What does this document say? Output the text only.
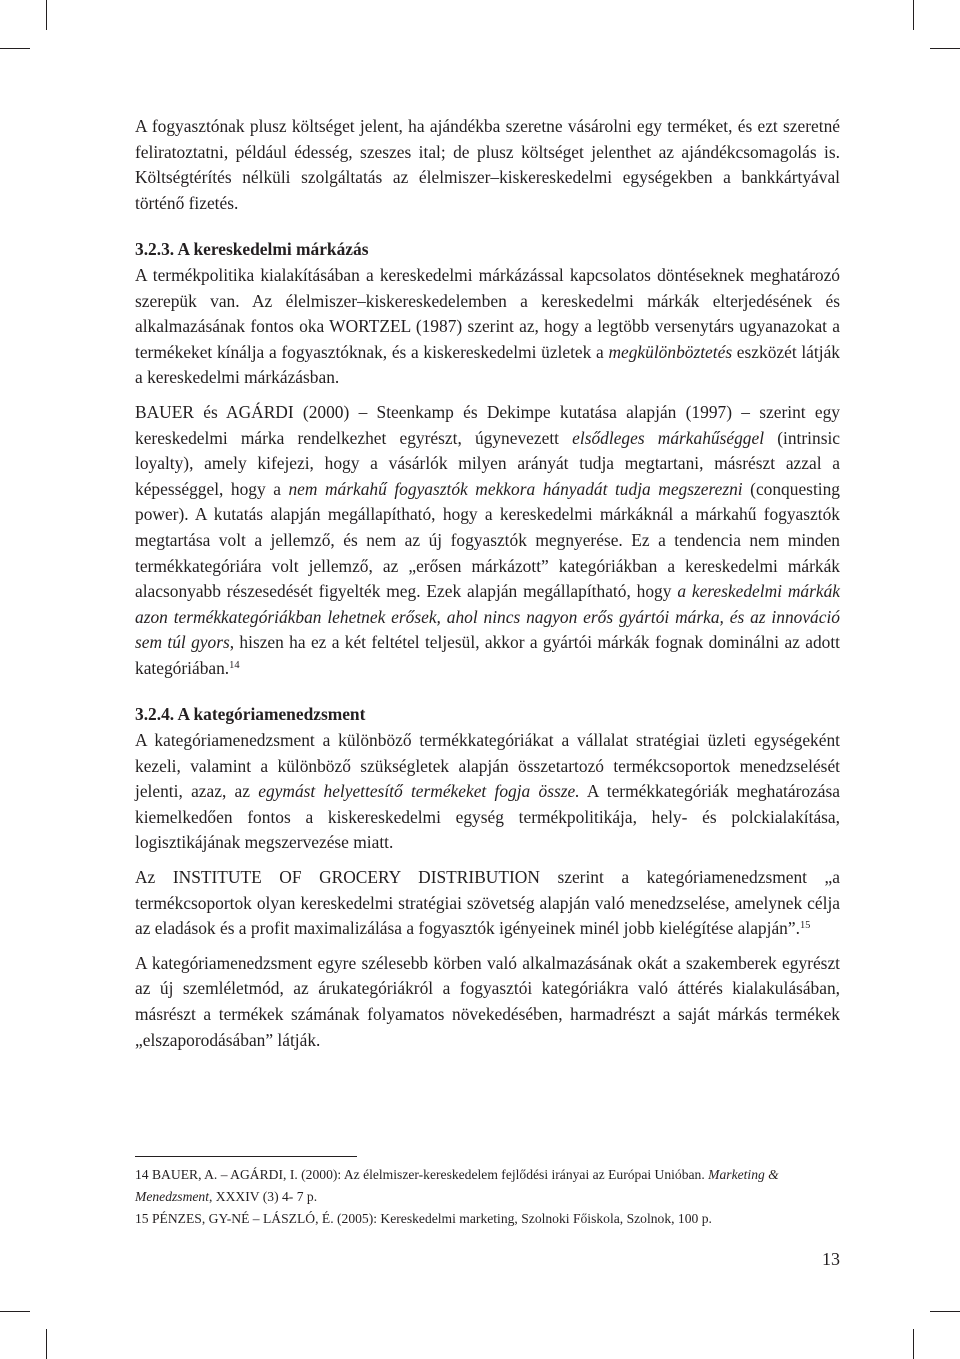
A fogyasztónak plusz költséget jelent, ha ajándékba szeretne vásárolni egy terméket, és ezt szeretné feliratoztatni, például édesség, szeszes ital; de plusz költséget jelenthet az ajándékcsomagolás is. Költségtérítés nélküli szolgáltatás az élelmiszer–kiskereskedelmi egységekben a bankkártyával történő fizetés.

3.2.3. A kereskedelmi márkázás
A termékpolitika kialakításában a kereskedelmi márkázással kapcsolatos döntéseknek meghatározó szerepük van. Az élelmiszer–kiskereskedelemben a kereskedelmi márkák elterjedésének és alkalmazásának fontos oka WORTZEL (1987) szerint az, hogy a legtöbb versenytárs ugyanazokat a termékeket kínálja a fogyasztóknak, és a kiskereskedelmi üzletek a megkülönböztetés eszközét látják a kereskedelmi márkázásban.

BAUER és AGÁRDI (2000) – Steenkamp és Dekimpe kutatása alapján (1997) – szerint egy kereskedelmi márka rendelkezhet egyrészt, úgynevezett elsődleges márkahűséggel (intrinsic loyalty), amely kifejezi, hogy a vásárlók milyen arányát tudja megtartani, másrészt azzal a képességgel, hogy a nem márkahű fogyasztók mekkora hányadát tudja megszerezni (conquesting power). A kutatás alapján megállapítható, hogy a kereskedelmi márkáknál a márkahű fogyasztók megtartása volt a jellemző, és nem az új fogyasztók megnyerése. Ez a tendencia nem minden termékkategóriára volt jellemző, az „erősen márkázott” kategóriákban a kereskedelmi márkák alacsonyabb részesedését figyelték meg. Ezek alapján megállapítható, hogy a kereskedelmi márkák azon termékkategóriákban lehetnek erősek, ahol nincs nagyon erős gyártói márka, és az innováció sem túl gyors, hiszen ha ez a két feltétel teljesül, akkor a gyártói márkák fognak dominálni az adott kategóriában.$^{14}$

3.2.4. A kategóriamenedzsment
A kategóriamenedzsment a különböző termékkategóriákat a vállalat stratégiai üzleti egységeként kezeli, valamint a különböző szükségletek alapján összetartozó termékcsoportok menedzselését jelenti, azaz, az egymást helyettesítő termékeket fogja össze. A termékkategóriák meghatározása kiemelkedően fontos a kiskereskedelmi egység termékpolitikája, hely- és polckialakítása, logisztikájának megszervezése miatt.

Az INSTITUTE OF GROCERY DISTRIBUTION szerint a kategóriamenedzsment „a termékcsoportok olyan kereskedelmi stratégiai szövetség alapján való menedzselése, amelynek célja az eladások és a profit maximalizálása a fogyasztók igényeinek minél jobb kielégítése alapján”.$^{15}$

A kategóriamenedzsment egyre szélesebb körben való alkalmazásának okát a szakemberek egyrészt az új szemléletmód, az árukategóriákról a fogyasztói kategóriákra való áttérés kialakulásában, másrészt a termékek számának folyamatos növekedésében, harmadrészt a saját márkás termékek „elszaporodásában” látják.

14 BAUER, A. – AGÁRDI, I. (2000): Az élelmiszer-kereskedelem fejlődési irányai az Európai Unióban. Marketing & Menedzsment, XXXIV (3) 4- 7 p.

15 PÉNZES, GY-NÉ – LÁSZLÓ, É. (2005): Kereskedelmi marketing, Szolnoki Főiskola, Szolnok, 100 p.

13
